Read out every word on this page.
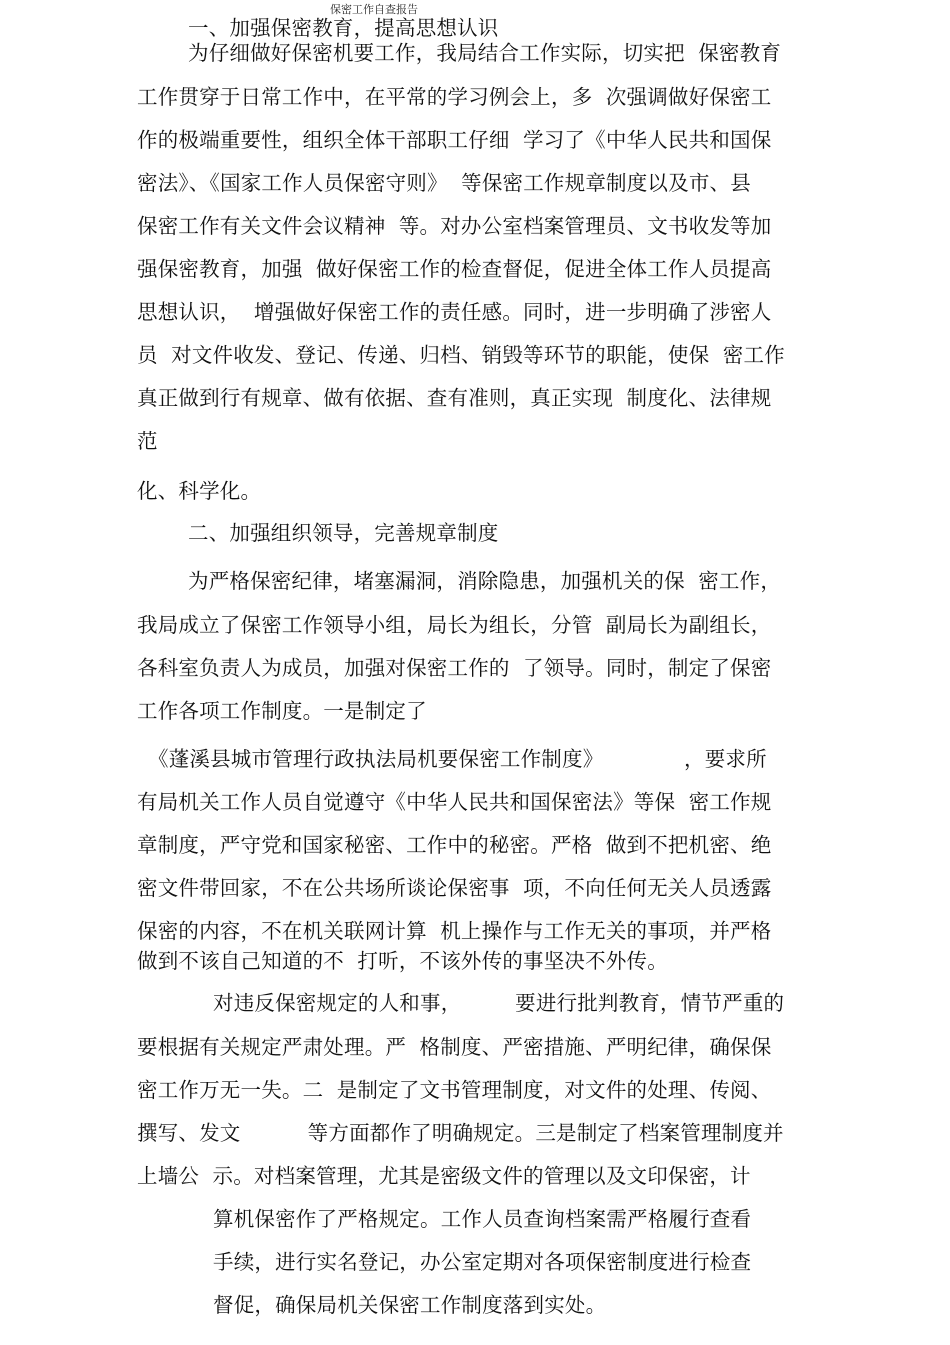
保密工作自查报告
一、加强保密教育，提高思想认识
为仔细做好保密机要工作，我局结合工作实际，切实把  保密教育
工作贯穿于日常工作中，在平常的学习例会上，多  次强调做好保密工
作的极端重要性，组织全体干部职工仔细  学习了《中华人民共和国保
密法》、《国家工作人员保密守则》  等保密工作规章制度以及市、县
保密工作有关文件会议精神  等。对办公室档案管理员、文书收发等加
强保密教育，加强  做好保密工作的检查督促，促进全体工作人员提高
思想认识，  增强做好保密工作的责任感。同时，进一步明确了涉密人
员  对文件收发、登记、传递、归档、销毁等环节的职能，使保  密工作
真正做到行有规章、做有依据、查有准则，真正实现  制度化、法律规
范
化、科学化。
二、加强组织领导，完善规章制度
为严格保密纪律，堵塞漏洞，消除隐患，加强机关的保  密工作，
我局成立了保密工作领导小组，局长为组长，分管  副局长为副组长，
各科室负责人为成员，加强对保密工作的  了领导。同时，制定了保密
工作各项工作制度。一是制定了
《蓬溪县城市管理行政执法局机要保密工作制度》            ，要求所
有局机关工作人员自觉遵守《中华人民共和国保密法》等保  密工作规
章制度，严守党和国家秘密、工作中的秘密。严格  做到不把机密、绝
密文件带回家，不在公共场所谈论保密事  项，不向任何无关人员透露
保密的内容，不在机关联网计算  机上操作与工作无关的事项，并严格
做到不该自己知道的不  打听，不该外传的事坚决不外传。
对违反保密规定的人和事，        要进行批判教育，情节严重的
要根据有关规定严肃处理。严  格制度、严密措施、严明纪律，确保保
密工作万无一失。二  是制定了文书管理制度，对文件的处理、传阅、
撰写、发文          等方面都作了明确规定。三是制定了档案管理制度并
上墙公  示。对档案管理，尤其是密级文件的管理以及文印保密，计
算机保密作了严格规定。工作人员查询档案需严格履行查看
手续，进行实名登记，办公室定期对各项保密制度进行检查
督促，确保局机关保密工作制度落到实处。
